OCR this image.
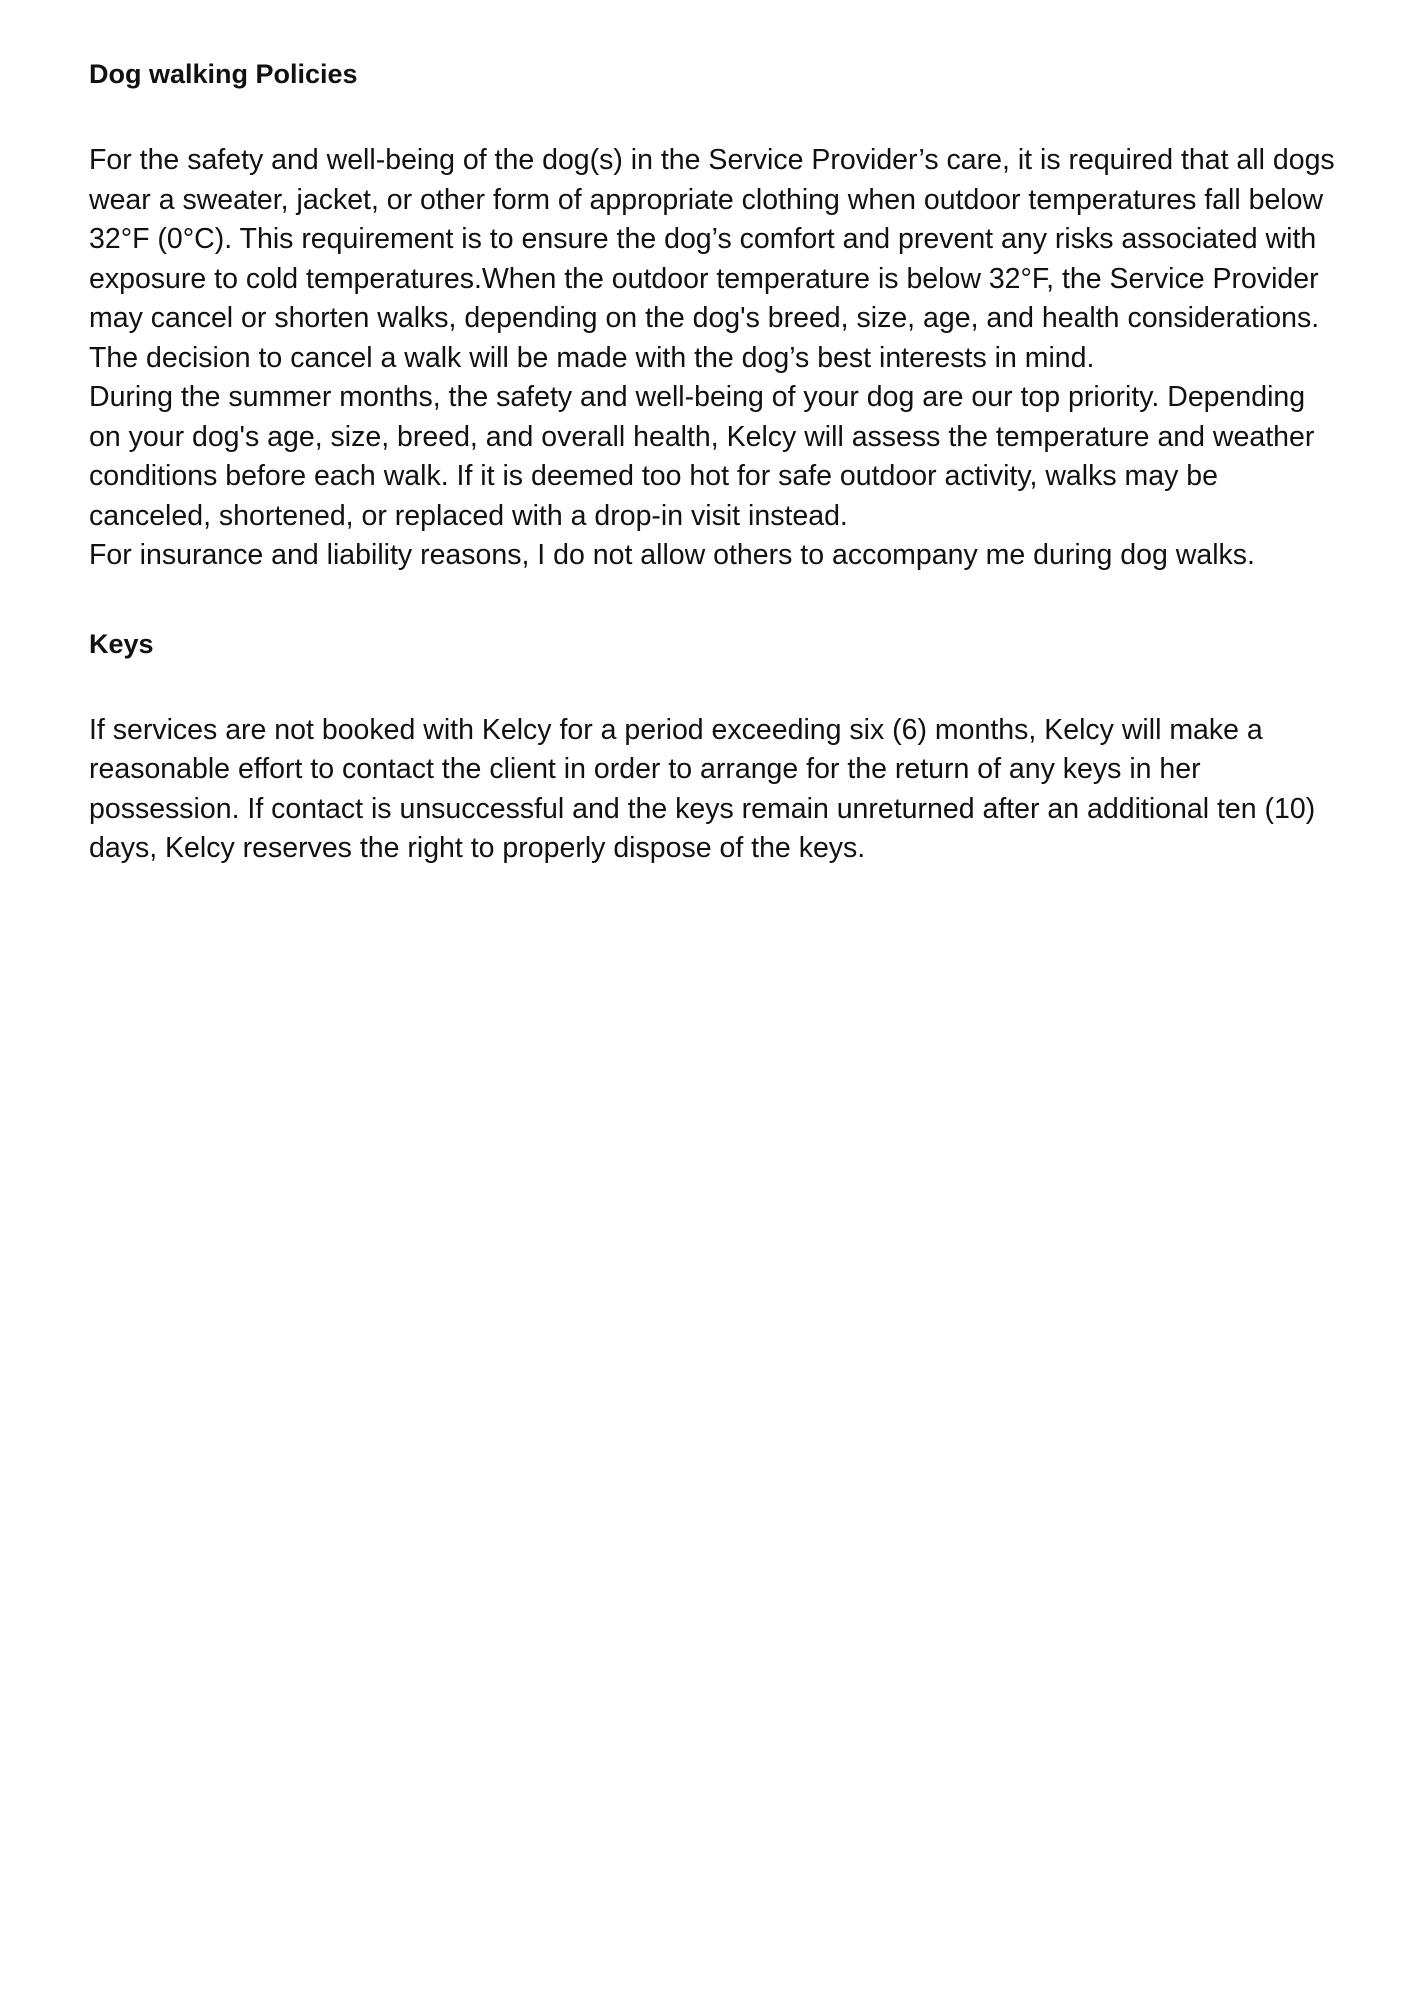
Dog walking Policies

For the safety and well-being of the dog(s) in the Service Provider’s care, it is required that all dogs wear a sweater, jacket, or other form of appropriate clothing when outdoor temperatures fall below 32°F (0°C). This requirement is to ensure the dog’s comfort and prevent any risks associated with exposure to cold temperatures.When the outdoor temperature is below 32°F, the Service Provider may cancel or shorten walks, depending on the dog's breed, size, age, and health considerations. The decision to cancel a walk will be made with the dog’s best interests in mind.

During the summer months, the safety and well-being of your dog are our top priority. Depending on your dog's age, size, breed, and overall health, Kelcy will assess the temperature and weather conditions before each walk. If it is deemed too hot for safe outdoor activity, walks may be canceled, shortened, or replaced with a drop-in visit instead.

For insurance and liability reasons, I do not allow others to accompany me during dog walks.

Keys

If services are not booked with Kelcy for a period exceeding six (6) months, Kelcy will make a reasonable effort to contact the client in order to arrange for the return of any keys in her possession. If contact is unsuccessful and the keys remain unreturned after an additional ten (10) days, Kelcy reserves the right to properly dispose of the keys.
